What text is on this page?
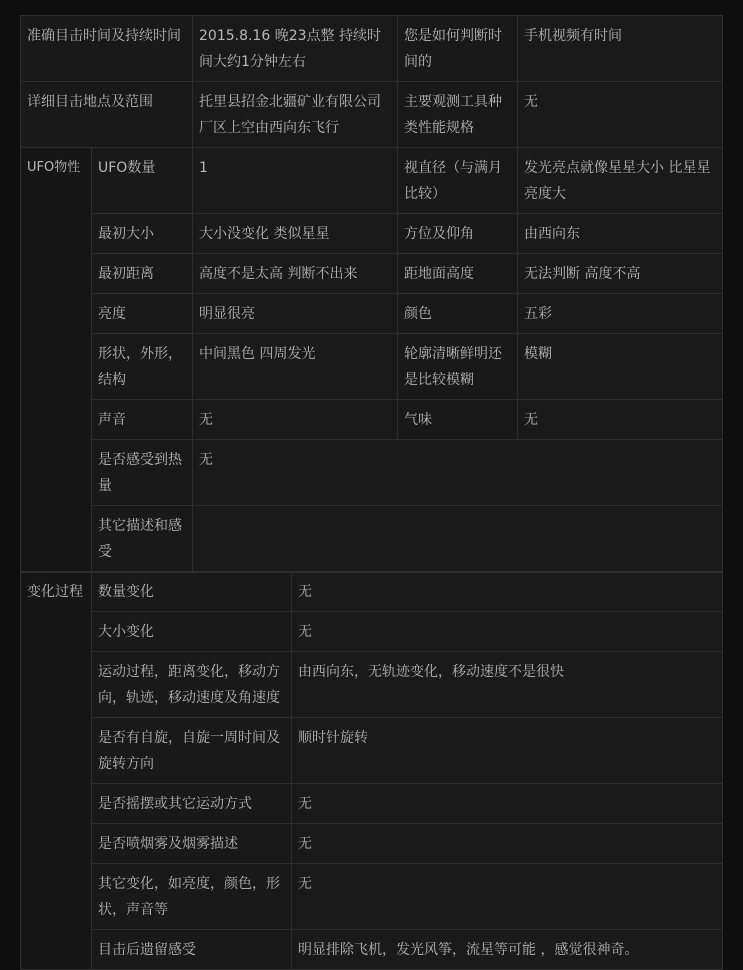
准确目击时间及持续时间		2015.8.16 晚23点整 持续时间大约1分钟左右	您是如何判断时间的	手机视频有时间
详细目击地点及范围		托里县招金北疆矿业有限公司厂区上空由西向东飞行	主要观测工具种类性能规格	无
UFO物性	UFO数量	1	视直径（与满月比较）	发光亮点就像星星大小 比星星亮度大
	最初大小	大小没变化 类似星星	方位及仰角	由西向东
	最初距离	高度不是太高 判断不出来	距地面高度	无法判断 高度不高
	亮度	明显很亮	颜色	五彩
	形状，外形，结构	中间黑色 四周发光	轮廓清晰鲜明还是比较模糊	模糊
	声音	无	气味	无
	是否感受到热量	无		
	其它描述和感受			
变化过程	数量变化	无
	大小变化	无
	运动过程，距离变化，移动方向，轨迹，移动速度及角速度	由西向东，无轨迹变化，移动速度不是很快
	是否有自旋，自旋一周时间及旋转方向	顺时针旋转
	是否摇摆或其它运动方式	无
	是否喷烟雾及烟雾描述	无
	其它变化，如亮度，颜色，形状，声音等	无
	目击后遗留感受	明显排除飞机，发光风筝，流星等可能 ，感觉很神奇。
